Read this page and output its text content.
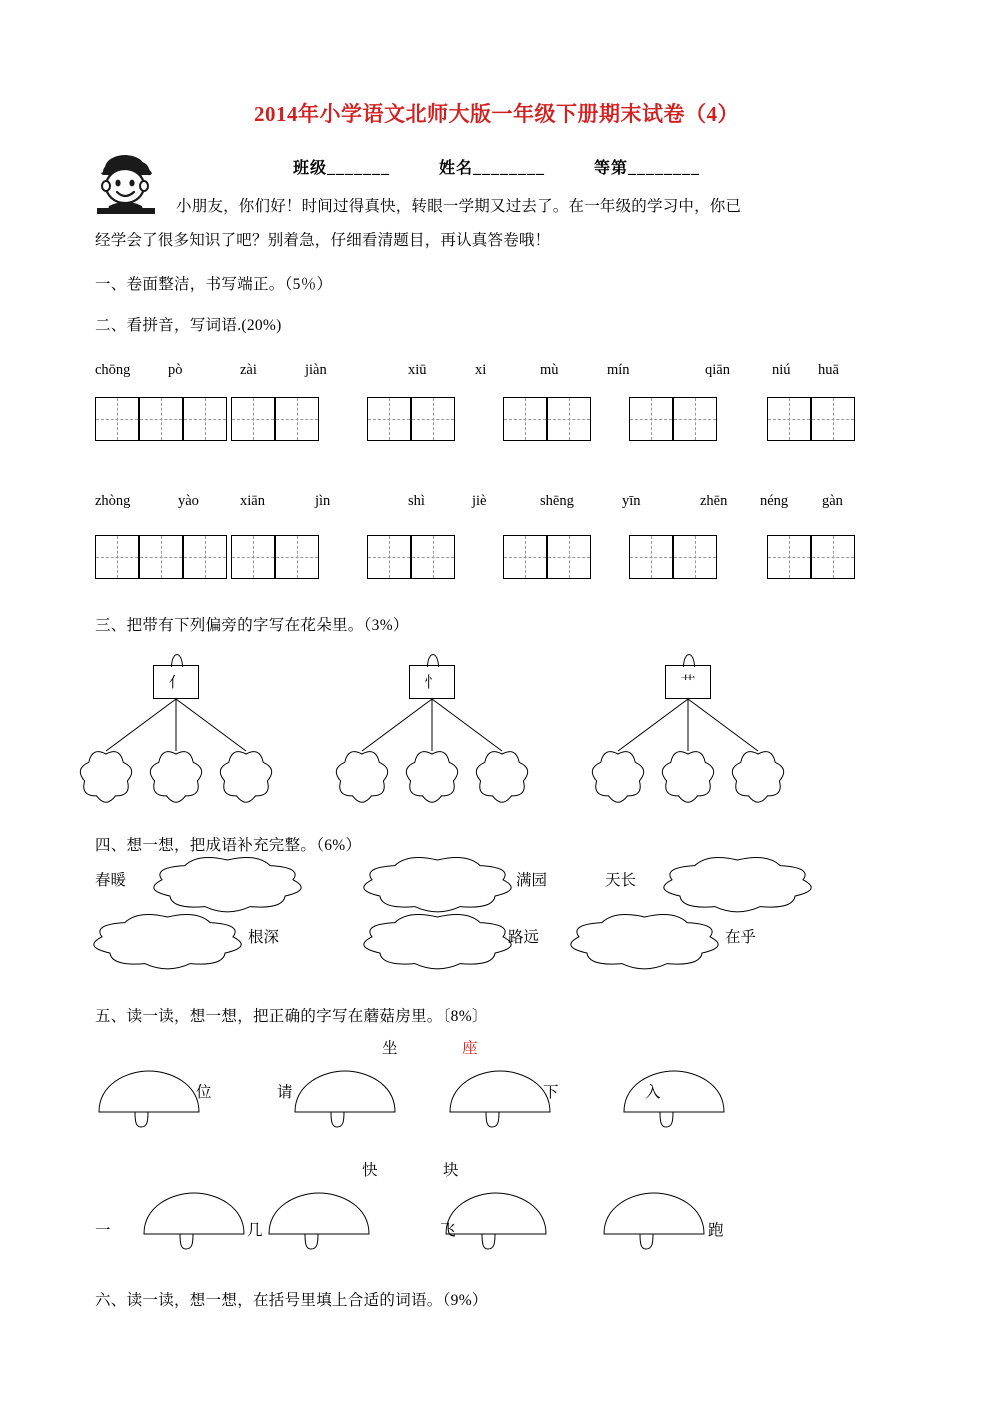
2014年小学语文北师大版一年级下册期末试卷（4）
班级_______	姓名________	等第________
小朋友，你们好！时间过得真快，转眼一学期又过去了。在一年级的学习中，你已
经学会了很多知识了吧？别着急，仔细看清题目，再认真答卷哦！
一、卷面整洁，书写端正。（5％）
二、看拼音，写词语.(20%)
chōng	pò	zài	jiàn	xiū	xi	mù	mín	qiān	niú huā
zhòng	yào	xiān	jìn	shì	jiè	shēng	yīn	zhēn néng gàn
三、把带有下列偏旁的字写在花朵里。（3%）
亻	忄	艹
四、想一想，把成语补充完整。（6%）
春暖	满园	天长
根深	路远	在乎
五、读一读，想一想，把正确的字写在蘑菇房里。〔8%〕
坐	座
位	请	下	入
快	块
一	几	飞	跑
六、读一读，想一想，在括号里填上合适的词语。（9%）
